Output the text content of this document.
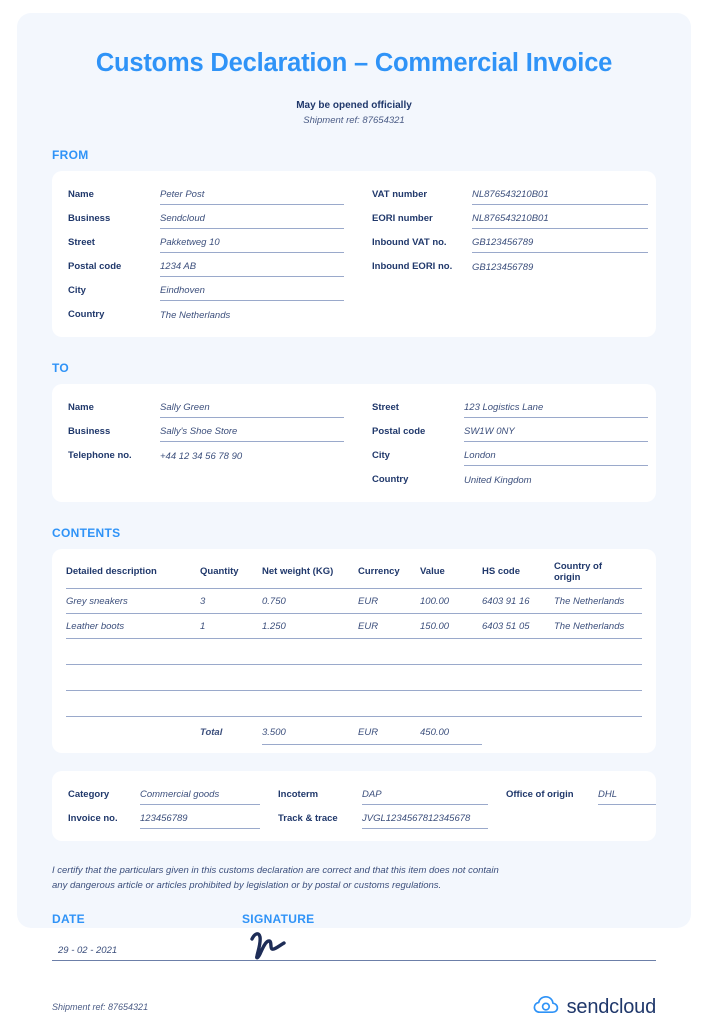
Customs Declaration – Commercial Invoice
May be opened officially
Shipment ref: 87654321
FROM
Name	Peter Post
Business	Sendcloud
Street	Pakketweg 10
Postal code	1234 AB
City	Eindhoven
Country	The Netherlands
VAT number	NL876543210B01
EORI number	NL876543210B01
Inbound VAT no.	GB123456789
Inbound EORI no.	GB123456789
TO
Name	Sally Green
Business	Sally's Shoe Store
Telephone no.	+44 12 34 56 78 90
Street	123 Logistics Lane
Postal code	SW1W 0NY
City	London
Country	United Kingdom
CONTENTS
Detailed description	Quantity	Net weight (KG)	Currency	Value	HS code	Country of origin
Grey sneakers	3	0.750	EUR	100.00	6403 91 16	The Netherlands
Leather boots	1	1.250	EUR	150.00	6403 51 05	The Netherlands

	Total	3.500	EUR	450.00		
Category	Commercial goods
Invoice no.	123456789
Incoterm	DAP
Track & trace	JVGL1234567812345678
Office of origin	DHL
I certify that the particulars given in this customs declaration are correct and that this item does not contain
any dangerous article or articles prohibited by legislation or by postal or customs regulations.
DATE
29 - 02 - 2021
SIGNATURE
Shipment ref: 87654321	sendcloud
